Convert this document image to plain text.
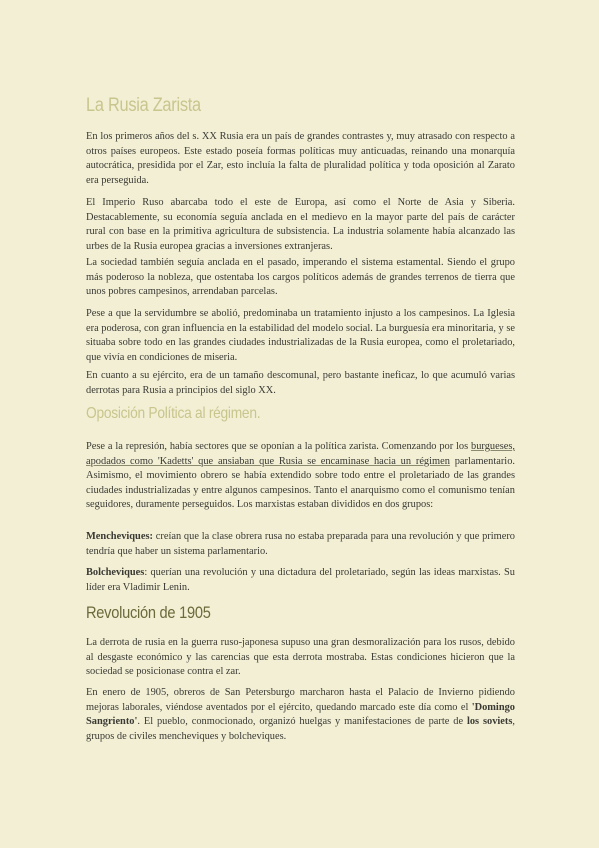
La Rusia Zarista

En los primeros años del s. XX Rusia era un país de grandes contrastes y, muy atrasado con respecto a otros países europeos. Este estado poseía formas políticas muy anticuadas, reinando una monarquía autocrática, presidida por el Zar, esto incluía la falta de pluralidad política y toda oposición al Zarato era perseguida.

El Imperio Ruso abarcaba todo el este de Europa, así como el Norte de Asia y Siberia. Destacablemente, su economía seguía anclada en el medievo en la mayor parte del país de carácter rural con base en la primitiva agricultura de subsistencia. La industria solamente había alcanzado las urbes de la Rusia europea gracias a inversiones extranjeras.

La sociedad también seguía anclada en el pasado, imperando el sistema estamental. Siendo el grupo más poderoso la nobleza, que ostentaba los cargos políticos además de grandes terrenos de tierra que unos pobres campesinos, arrendaban parcelas.

Pese a que la servidumbre se abolió, predominaba un tratamiento injusto a los campesinos. La Iglesia era poderosa, con gran influencia en la estabilidad del modelo social. La burguesía era minoritaria, y se situaba sobre todo en las grandes ciudades industrializadas de la Rusia europea, como el proletariado, que vivía en condiciones de miseria.

En cuanto a su ejército, era de un tamaño descomunal, pero bastante ineficaz, lo que acumuló varias derrotas para Rusia a principios del siglo XX.

Oposición Política al régimen.

Pese a la represión, había sectores que se oponían a la política zarista. Comenzando por los burgueses, apodados como 'Kadetts' que ansiaban que Rusia se encaminase hacia un régimen parlamentario. Asimismo, el movimiento obrero se había extendido sobre todo entre el proletariado de las grandes ciudades industrializadas y entre algunos campesinos. Tanto el anarquismo como el comunismo tenían seguidores, duramente perseguidos. Los marxistas estaban divididos en dos grupos:

Mencheviques: creían que la clase obrera rusa no estaba preparada para una revolución y que primero tendría que haber un sistema parlamentario.

Bolcheviques: querían una revolución y una dictadura del proletariado, según las ideas marxistas. Su líder era Vladimir Lenin.

Revolución de 1905

La derrota de rusia en la guerra ruso-japonesa supuso una gran desmoralización para los rusos, debido al desgaste económico y las carencias que esta derrota mostraba. Estas condiciones hicieron que la sociedad se posicionase contra el zar.

En enero de 1905, obreros de San Petersburgo marcharon hasta el Palacio de Invierno pidiendo mejoras laborales, viéndose aventados por el ejército, quedando marcado este día como el 'Domingo Sangriento'. El pueblo, conmocionado, organizó huelgas y manifestaciones de parte de los soviets, grupos de civiles mencheviques y bolcheviques.
